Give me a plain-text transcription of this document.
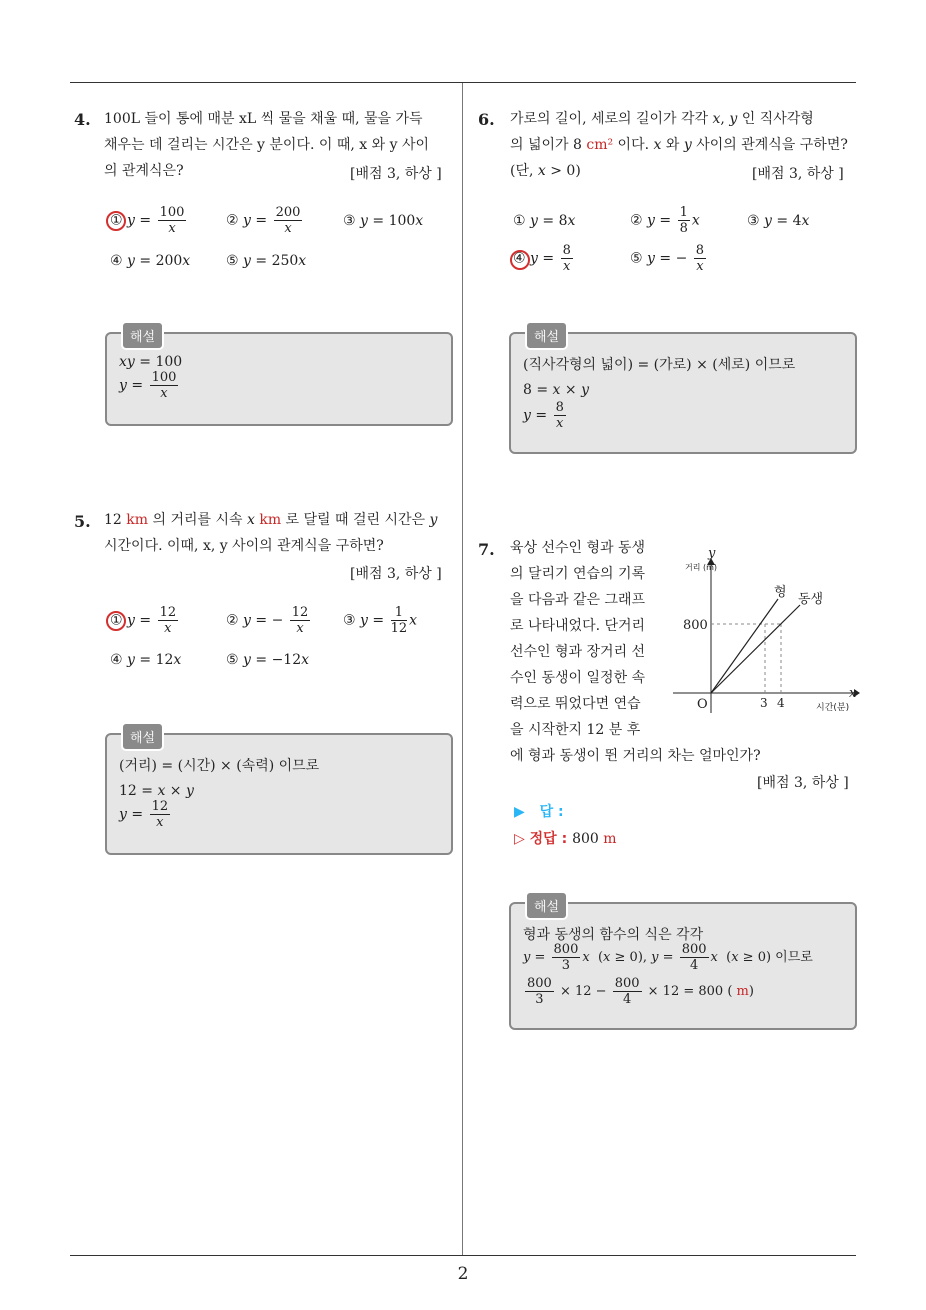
2
4. 100L 들이 통에 매분 xL 씩 물을 채울 때, 물을 가득
채우는 데 걸리는 시간은 y 분이다. 이 때, x 와 y 사이
의 관계식은?	[배점 3, 하상 ]
① $y = \frac{100}{x}$	② $y = \frac{200}{x}$	③ y = 100x
④ y = 200x	⑤ y = 250x
해설
xy = 100
$y = \frac{100}{x}$
5. 12 km 의 거리를 시속 x km 로 달릴 때 걸린 시간은 y
시간이다. 이때, x, y 사이의 관계식을 구하면?
[배점 3, 하상 ]
① $y = \frac{12}{x}$	② y = − $\frac{12}{x}$ ③ $y = \frac{1}{12}$ x
④ y = 12x	⑤ y = −12x
해설
(거리) = (시간) × (속력) 이므로
12 = x × y
$y = \frac{12}{x}$
6. 가로의 길이, 세로의 길이가 각각 x, y 인 직사각형
의 넓이가 8 cm² 이다. x 와 y 사이의 관계식을 구하면?
(단, x > 0)	[배점 3, 하상 ]
① y = 8x	② $y = \frac{1}{8}$ x	③ y = 4x
④ $y = \frac{8}{x}$	⑤ y = − $\frac{8}{x}$
해설
(직사각형의 넓이) = (가로) × (세로) 이므로
8 = x × y
$y = \frac{8}{x}$
7. 육상 선수인 형과 동생
의 달리기 연습의 기록
을 다음과 같은 그래프
로 나타내었다. 단거리
선수인 형과 장거리 선
수인 동생이 일정한 속
력으로 뛰었다면 연습
을 시작한지 12 분 후
에 형과 동생이 뛴 거리의 차는 얼마인가?
[배점 3, 하상 ]
y
거리 (m)
800
O	3 4
x
시간(분)
형 동생
▶ 답 :
▷ 정답 : 800 m
해설
형과 동생의 함수의 식은 각각
$y = \frac{800}{3}$ x  (x ≥ 0), $y = \frac{800}{4}$ x  (x ≥ 0) 이므로
$\frac{800}{3} \times 12 - \frac{800}{4} \times 12 = 800$ ( m)
